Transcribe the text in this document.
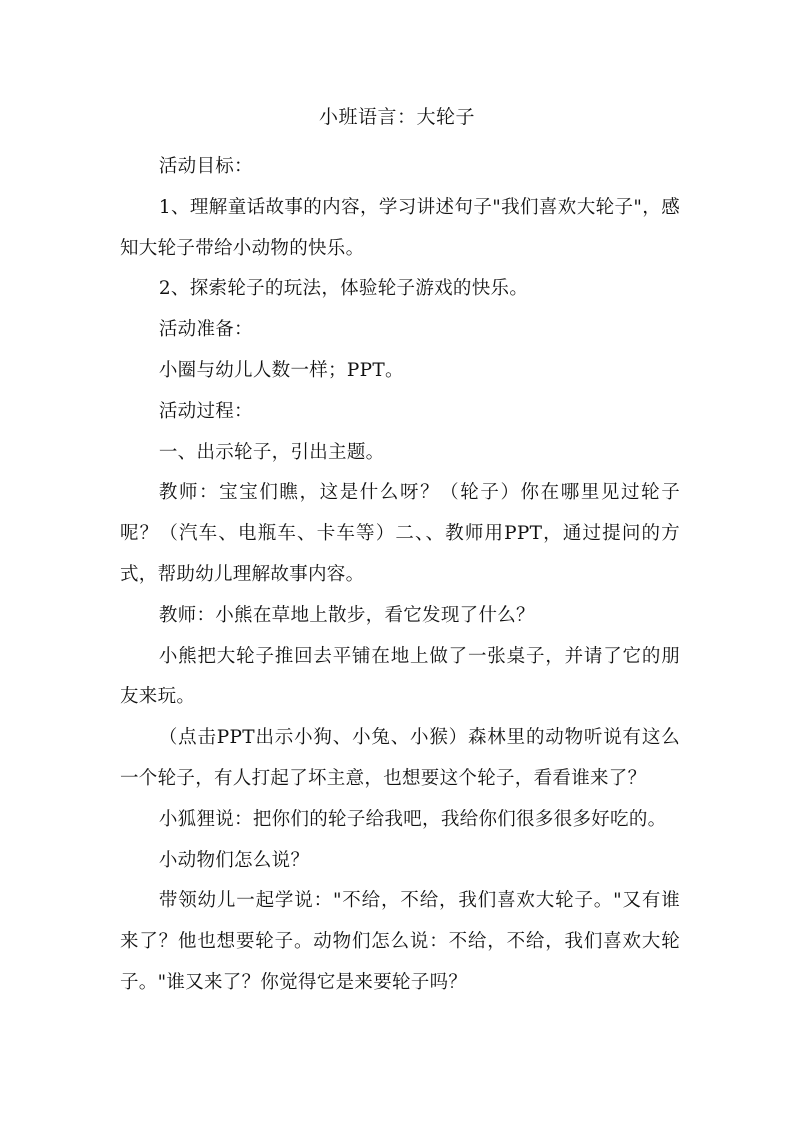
小班语言：大轮子

活动目标：

1、理解童话故事的内容，学习讲述句子"我们喜欢大轮子"，感知大轮子带给小动物的快乐。

2、探索轮子的玩法，体验轮子游戏的快乐。

活动准备：

小圈与幼儿人数一样；PPT。

活动过程：

一、出示轮子，引出主题。

教师：宝宝们瞧，这是什么呀？（轮子）你在哪里见过轮子呢？（汽车、电瓶车、卡车等）二、、教师用PPT，通过提问的方式，帮助幼儿理解故事内容。

教师：小熊在草地上散步，看它发现了什么？

小熊把大轮子推回去平铺在地上做了一张桌子，并请了它的朋友来玩。

（点击PPT出示小狗、小兔、小猴）森林里的动物听说有这么一个轮子，有人打起了坏主意，也想要这个轮子，看看谁来了？

小狐狸说：把你们的轮子给我吧，我给你们很多很多好吃的。

小动物们怎么说？

带领幼儿一起学说："不给，不给，我们喜欢大轮子。"又有谁来了？他也想要轮子。动物们怎么说：不给，不给，我们喜欢大轮子。"谁又来了？你觉得它是来要轮子吗？
